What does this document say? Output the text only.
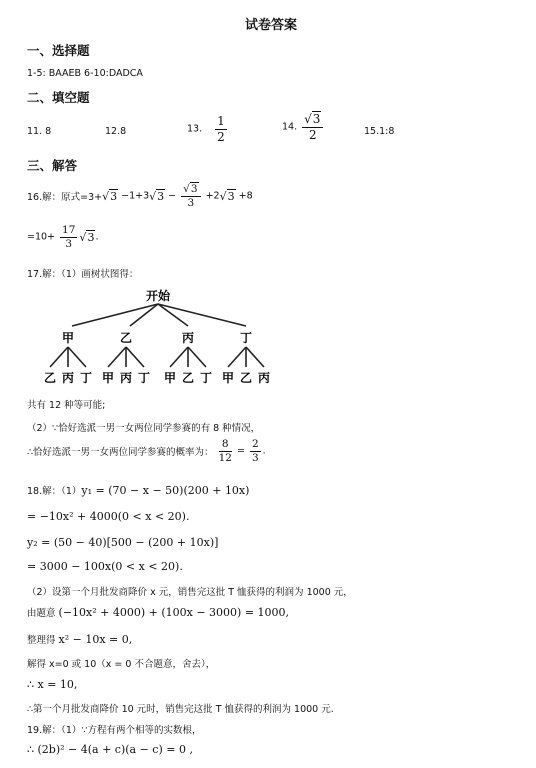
试卷答案
一、选择题
1-5: BAAEB 6-10:DADCA
二、填空题
11. 8	12.8	13. $\frac{1}{2}$	14. $\frac{√3}{2}$	15.1:8
三、解答
16.解：原式$=3+√3 -1+3√3 - \frac{√3}{3} +2√3 +8$
$=10+ \frac{17}{3} √3$.
17.解：（1）画树状图得：
开始
甲	乙	丙	丁
乙 丙 丁 甲 丙 丁 甲 乙 丁 甲 乙 丙
共有 12 种等可能;
（2）∵恰好选派一男一女两位同学参赛的有 8 种情况，
∴恰好选派一男一女两位同学参赛的概率为： $\frac{8}{12} = \frac{2}{3}$ .
18.解：（1）y₁ = (70 − x − 50)(200 + 10x)
= −10x² + 4000(0 < x < 20).
y₂ = (50 − 40)[500 − (200 + 10x)]
= 3000 − 100x(0 < x < 20).
（2）设第一个月批发商降价 x 元，销售完这批 T 恤获得的利润为 1000 元，
由题意 (−10x² + 4000) + (100x − 3000) = 1000,
整理得 x² − 10x = 0,
解得 x=0 或 10（x = 0 不合题意，舍去），
∴ x = 10,
∴第一个月批发商降价 10 元时，销售完这批 T 恤获得的利润为 1000 元.
19.解：（1）∵方程有两个相等的实数根，
∴ (2b)² − 4(a + c)(a − c) = 0 ,
